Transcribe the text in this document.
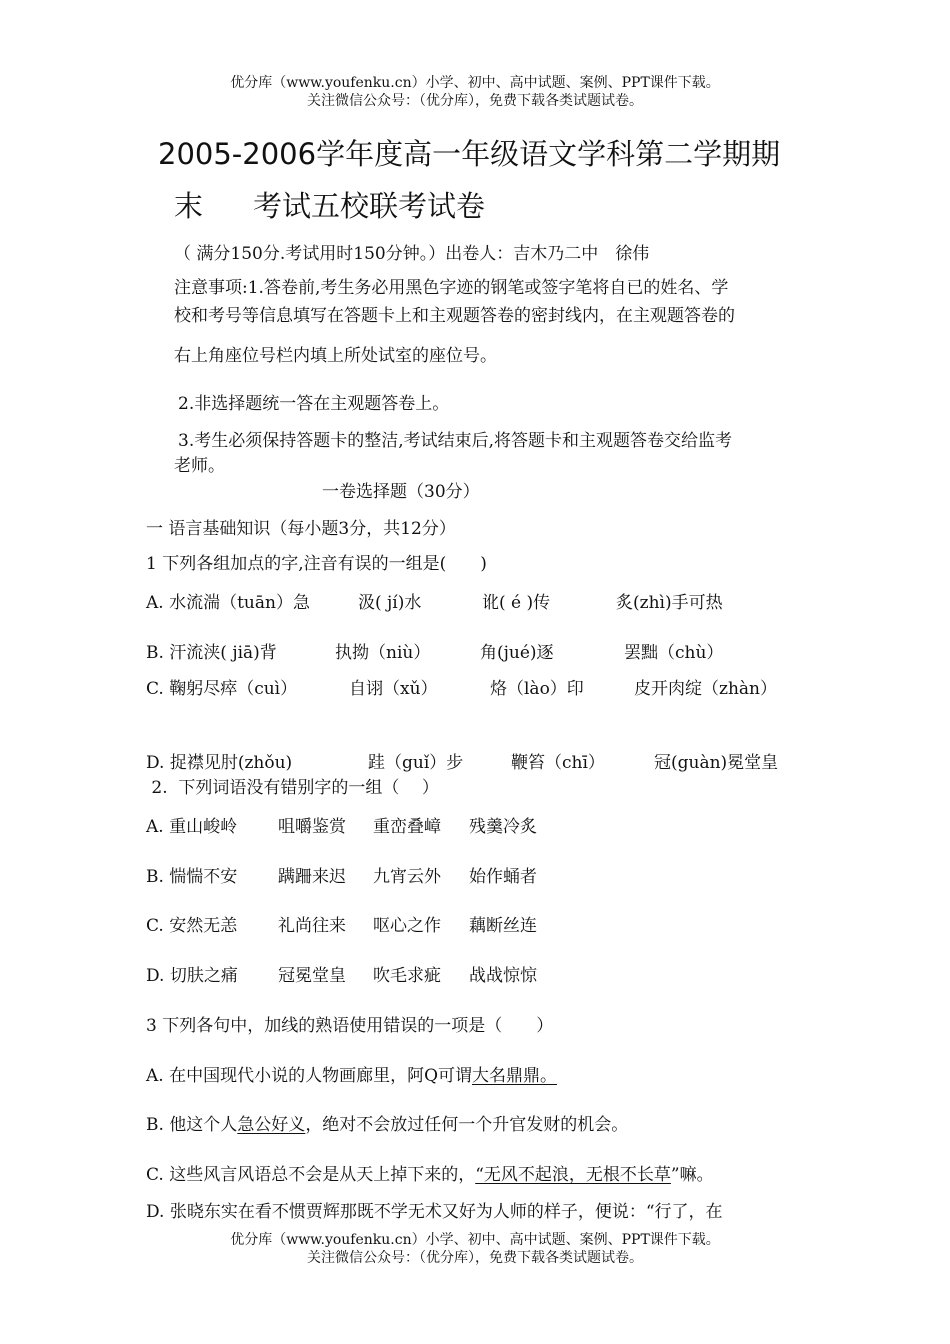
优分库（www.youfenku.cn）小学、初中、高中试题、案例、PPT课件下载。
关注微信公众号：（优分库），免费下载各类试题试卷。
2005-2006学年度高一年级语文学科第二学期期
末 考试五校联考试卷
（ 满分150分.考试用时150分钟。）出卷人：吉木乃二中　徐伟
注意事项:1.答卷前,考生务必用黑色字迹的钢笔或签字笔将自已的姓名、学
校和考号等信息填写在答题卡上和主观题答卷的密封线内，在主观题答卷的
右上角座位号栏内填上所处试室的座位号。
2.非选择题统一答在主观题答卷上。
3.考生必须保持答题卡的整洁,考试结束后,将答题卡和主观题答卷交给监考
老师。
一卷选择题（30分）
一 语言基础知识（每小题3分，共12分）
1 下列各组加点的字,注音有误的一组是(　　)
A. 水流湍（tuān）急	汲( jí)水	讹( é )传	炙(zhì)手可热
B. 汗流浃( jiā)背	执拗（niù）	角(jué)逐	罢黜（chù）
C. 鞠躬尽瘁（cuì）	自诩（xǔ）	烙（lào）印	皮开肉绽（zhàn）
D. 捉襟见肘(zhǒu)	跬（guǐ）步	鞭笞（chī）	冠(guàn)冕堂皇
2.  下列词语没有错别字的一组（　 ）
A. 重山峻岭 咀嚼鉴赏 重峦叠嶂 残羹冷炙
B. 惴惴不安 蹒跚来迟 九宵云外 始作蛹者
C. 安然无恙 礼尚往来 呕心之作 藕断丝连
D. 切肤之痛 冠冕堂皇 吹毛求疵 战战惊惊
3 下列各句中，加线的熟语使用错误的一项是（　　）
A. 在中国现代小说的人物画廊里，阿Q可谓大名鼎鼎。
B. 他这个人急公好义，绝对不会放过任何一个升官发财的机会。
C. 这些风言风语总不会是从天上掉下来的，“无风不起浪，无根不长草”嘛。
D. 张晓东实在看不惯贾辉那既不学无术又好为人师的样子，便说：“行了，在
优分库（www.youfenku.cn）小学、初中、高中试题、案例、PPT课件下载。
关注微信公众号：（优分库），免费下载各类试题试卷。
